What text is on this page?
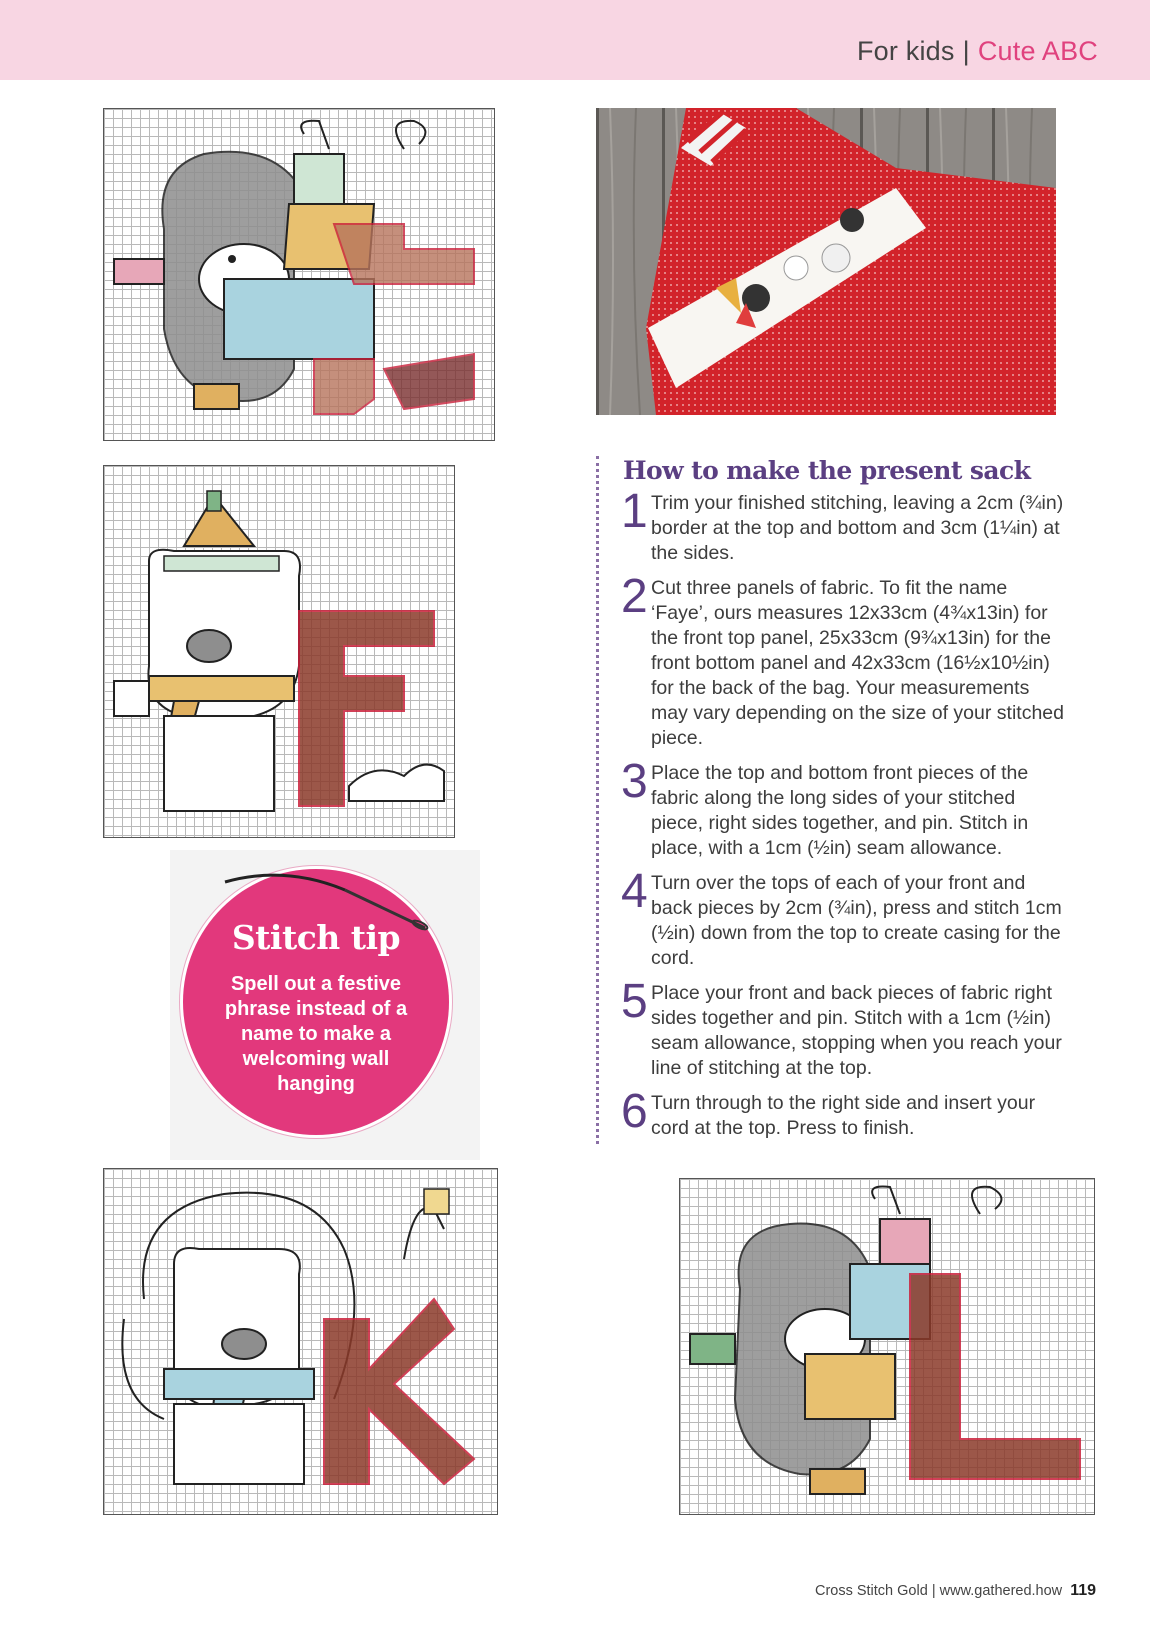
For kids | Cute ABC
How to make the present sack
1 Trim your finished stitching, leaving a 2cm (¾in) border at the top and bottom and 3cm (1¼in) at the sides.
2 Cut three panels of fabric. To fit the name ‘Faye’, ours measures 12x33cm (4¾x13in) for the front top panel, 25x33cm (9¾x13in) for the front bottom panel and 42x33cm (16½x10½in) for the back of the bag. Your measurements may vary depending on the size of your stitched piece.
3 Place the top and bottom front pieces of the fabric along the long sides of your stitched piece, right sides together, and pin. Stitch in place, with a 1cm (½in) seam allowance.
4 Turn over the tops of each of your front and back pieces by 2cm (¾in), press and stitch 1cm (½in) down from the top to create casing for the cord.
5 Place your front and back pieces of fabric right sides together and pin. Stitch with a 1cm (½in) seam allowance, stopping when you reach your line of stitching at the top.
6 Turn through to the right side and insert your cord at the top. Press to finish.
Stitch tip
Spell out a festive phrase instead of a name to make a welcoming wall hanging
Cross Stitch Gold | www.gathered.how 119
